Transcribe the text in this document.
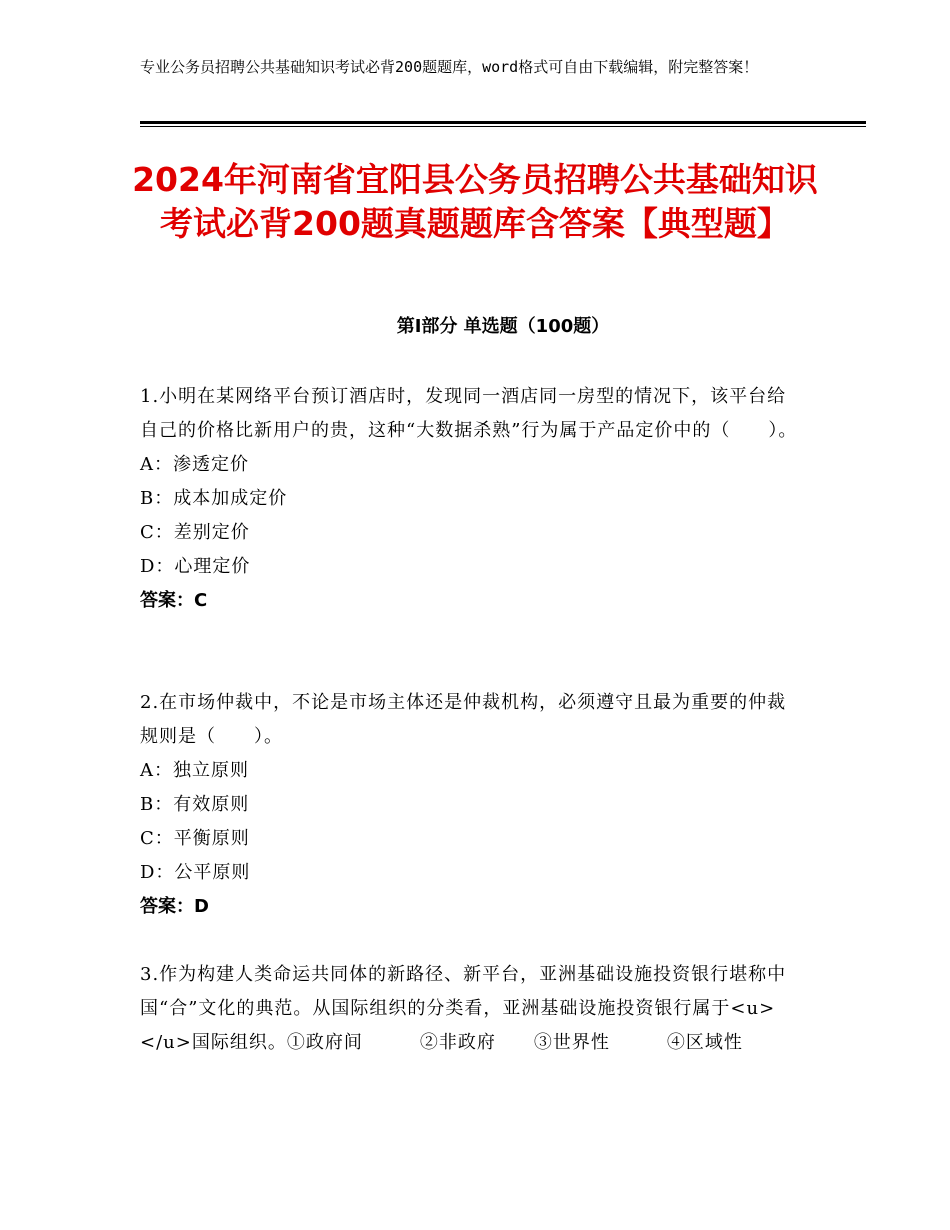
专业公务员招聘公共基础知识考试必背200题题库，word格式可自由下载编辑，附完整答案！
2024年河南省宜阳县公务员招聘公共基础知识考试必背200题真题题库含答案【典型题】
第Ⅰ部分 单选题（100题）

1.小明在某网络平台预订酒店时，发现同一酒店同一房型的情况下，该平台给自己的价格比新用户的贵，这种“大数据杀熟”行为属于产品定价中的（　　）。

A：渗透定价

B：成本加成定价

C：差别定价

D：心理定价

答案：C

2.在市场仲裁中，不论是市场主体还是仲裁机构，必须遵守且最为重要的仲裁规则是（　　）。

A：独立原则

B：有效原则

C：平衡原则

D：公平原则

答案：D

3.作为构建人类命运共同体的新路径、新平台，亚洲基础设施投资银行堪称中国“合”文化的典范。从国际组织的分类看，亚洲基础设施投资银行属于<u>　　　　　</u>国际组织。①政府间　　　②非政府　　③世界性　　　④区域性
